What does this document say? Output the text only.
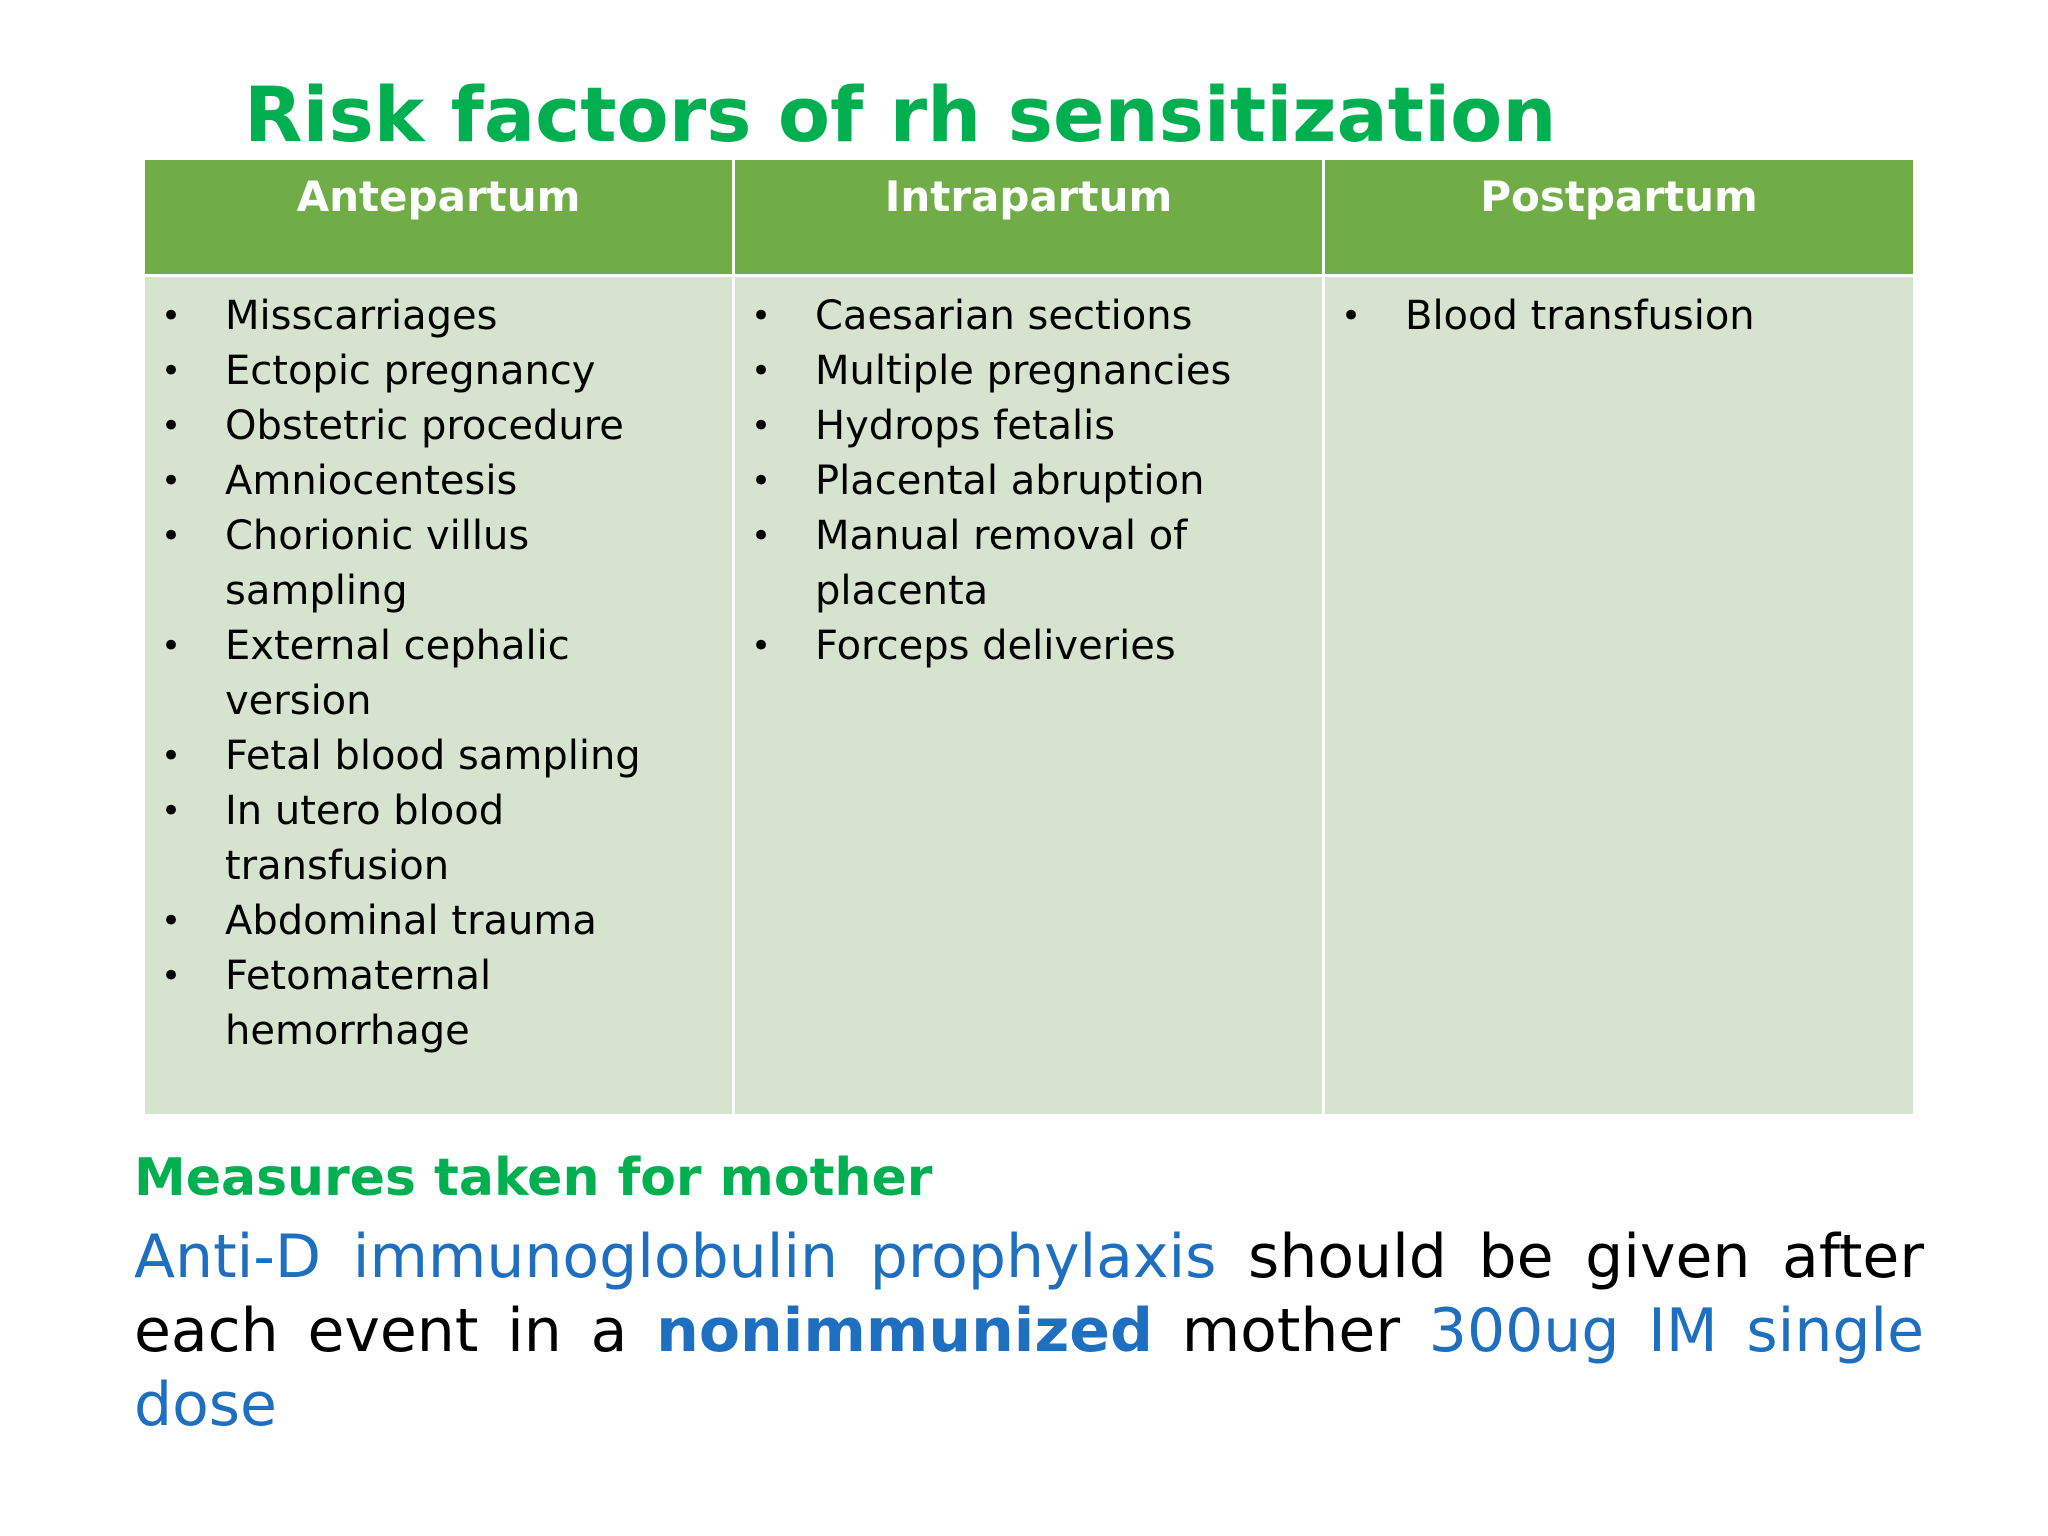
Risk factors of rh sensitization
Antepartum	Intrapartum	Postpartum
• Misscarriages
• Ectopic pregnancy
• Obstetric procedure
• Amniocentesis
• Chorionic villus sampling
• External cephalic version
• Fetal blood sampling
• In utero blood transfusion
• Abdominal trauma
• Fetomaternal hemorrhage
• Caesarian sections
• Multiple pregnancies
• Hydrops fetalis
• Placental abruption
• Manual removal of placenta
• Forceps deliveries
• Blood transfusion
Measures taken for mother

Anti-D immunoglobulin prophylaxis should be given after each event in a nonimmunized mother 300ug IM single dose
